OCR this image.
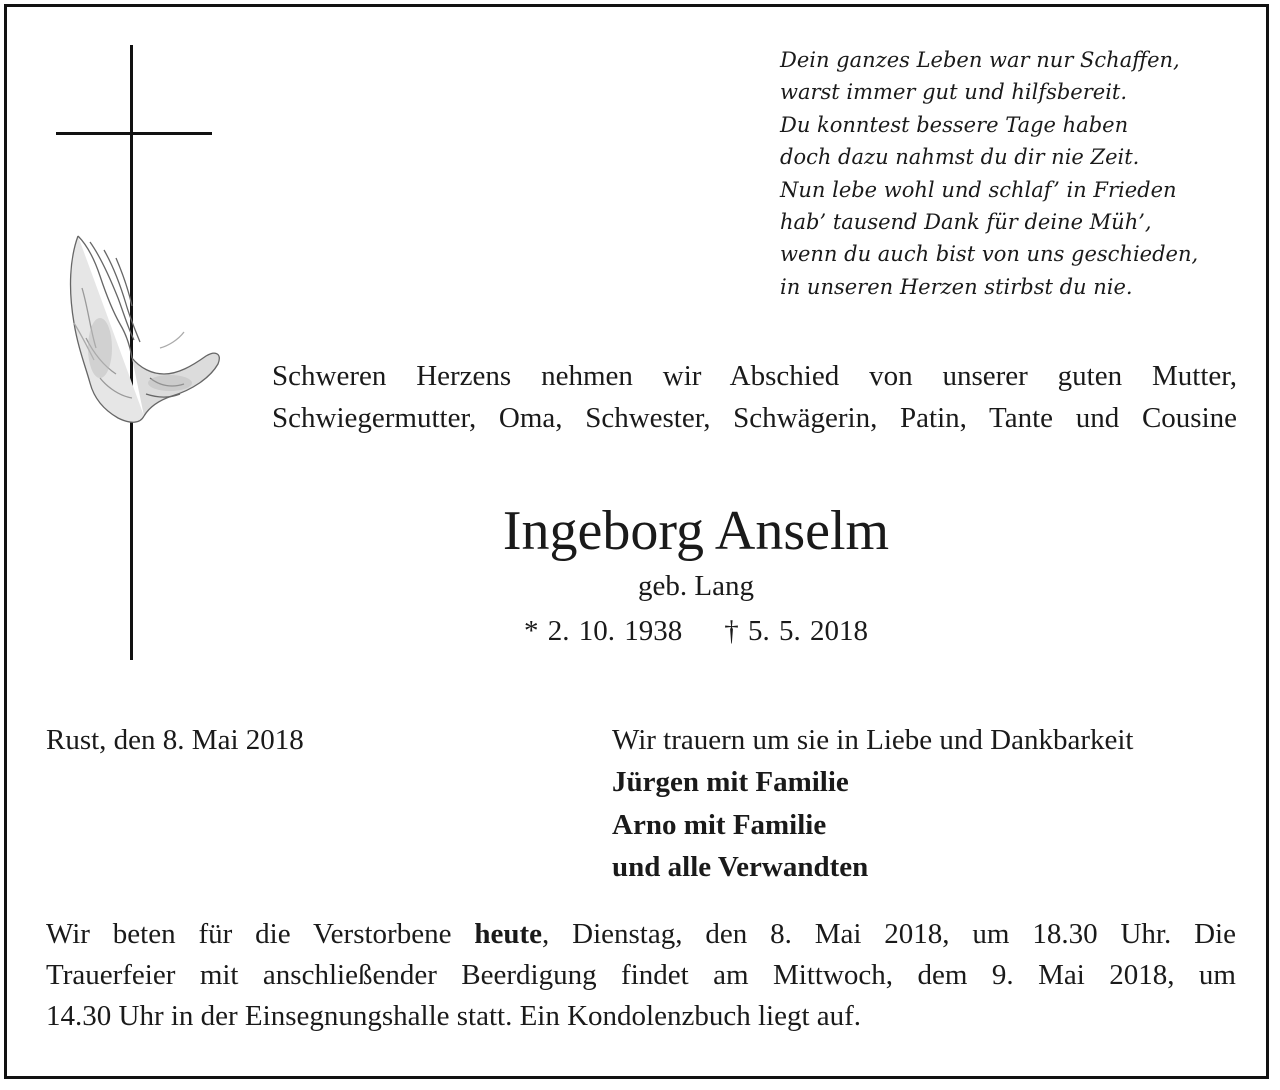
Dein ganzes Leben war nur Schaffen,
warst immer gut und hilfsbereit.
Du konntest bessere Tage haben
doch dazu nahmst du dir nie Zeit.
Nun lebe wohl und schlaf’ in Frieden
hab’ tausend Dank für deine Müh’,
wenn du auch bist von uns geschieden,
in unseren Herzen stirbst du nie.
Schweren Herzens nehmen wir Abschied von unserer guten Mutter,
Schwiegermutter, Oma, Schwester, Schwägerin, Patin, Tante und Cousine
Ingeborg Anselm
geb. Lang
* 2. 10. 1938 † 5. 5. 2018
Rust, den 8. Mai 2018	Wir trauern um sie in Liebe und Dankbarkeit
Jürgen mit Familie
Arno mit Familie
und alle Verwandten
Wir beten für die Verstorbene heute, Dienstag, den 8. Mai 2018, um 18.30 Uhr. Die
Trauerfeier mit anschließender Beerdigung findet am Mittwoch, dem 9. Mai 2018, um
14.30 Uhr in der Einsegnungshalle statt. Ein Kondolenzbuch liegt auf.
